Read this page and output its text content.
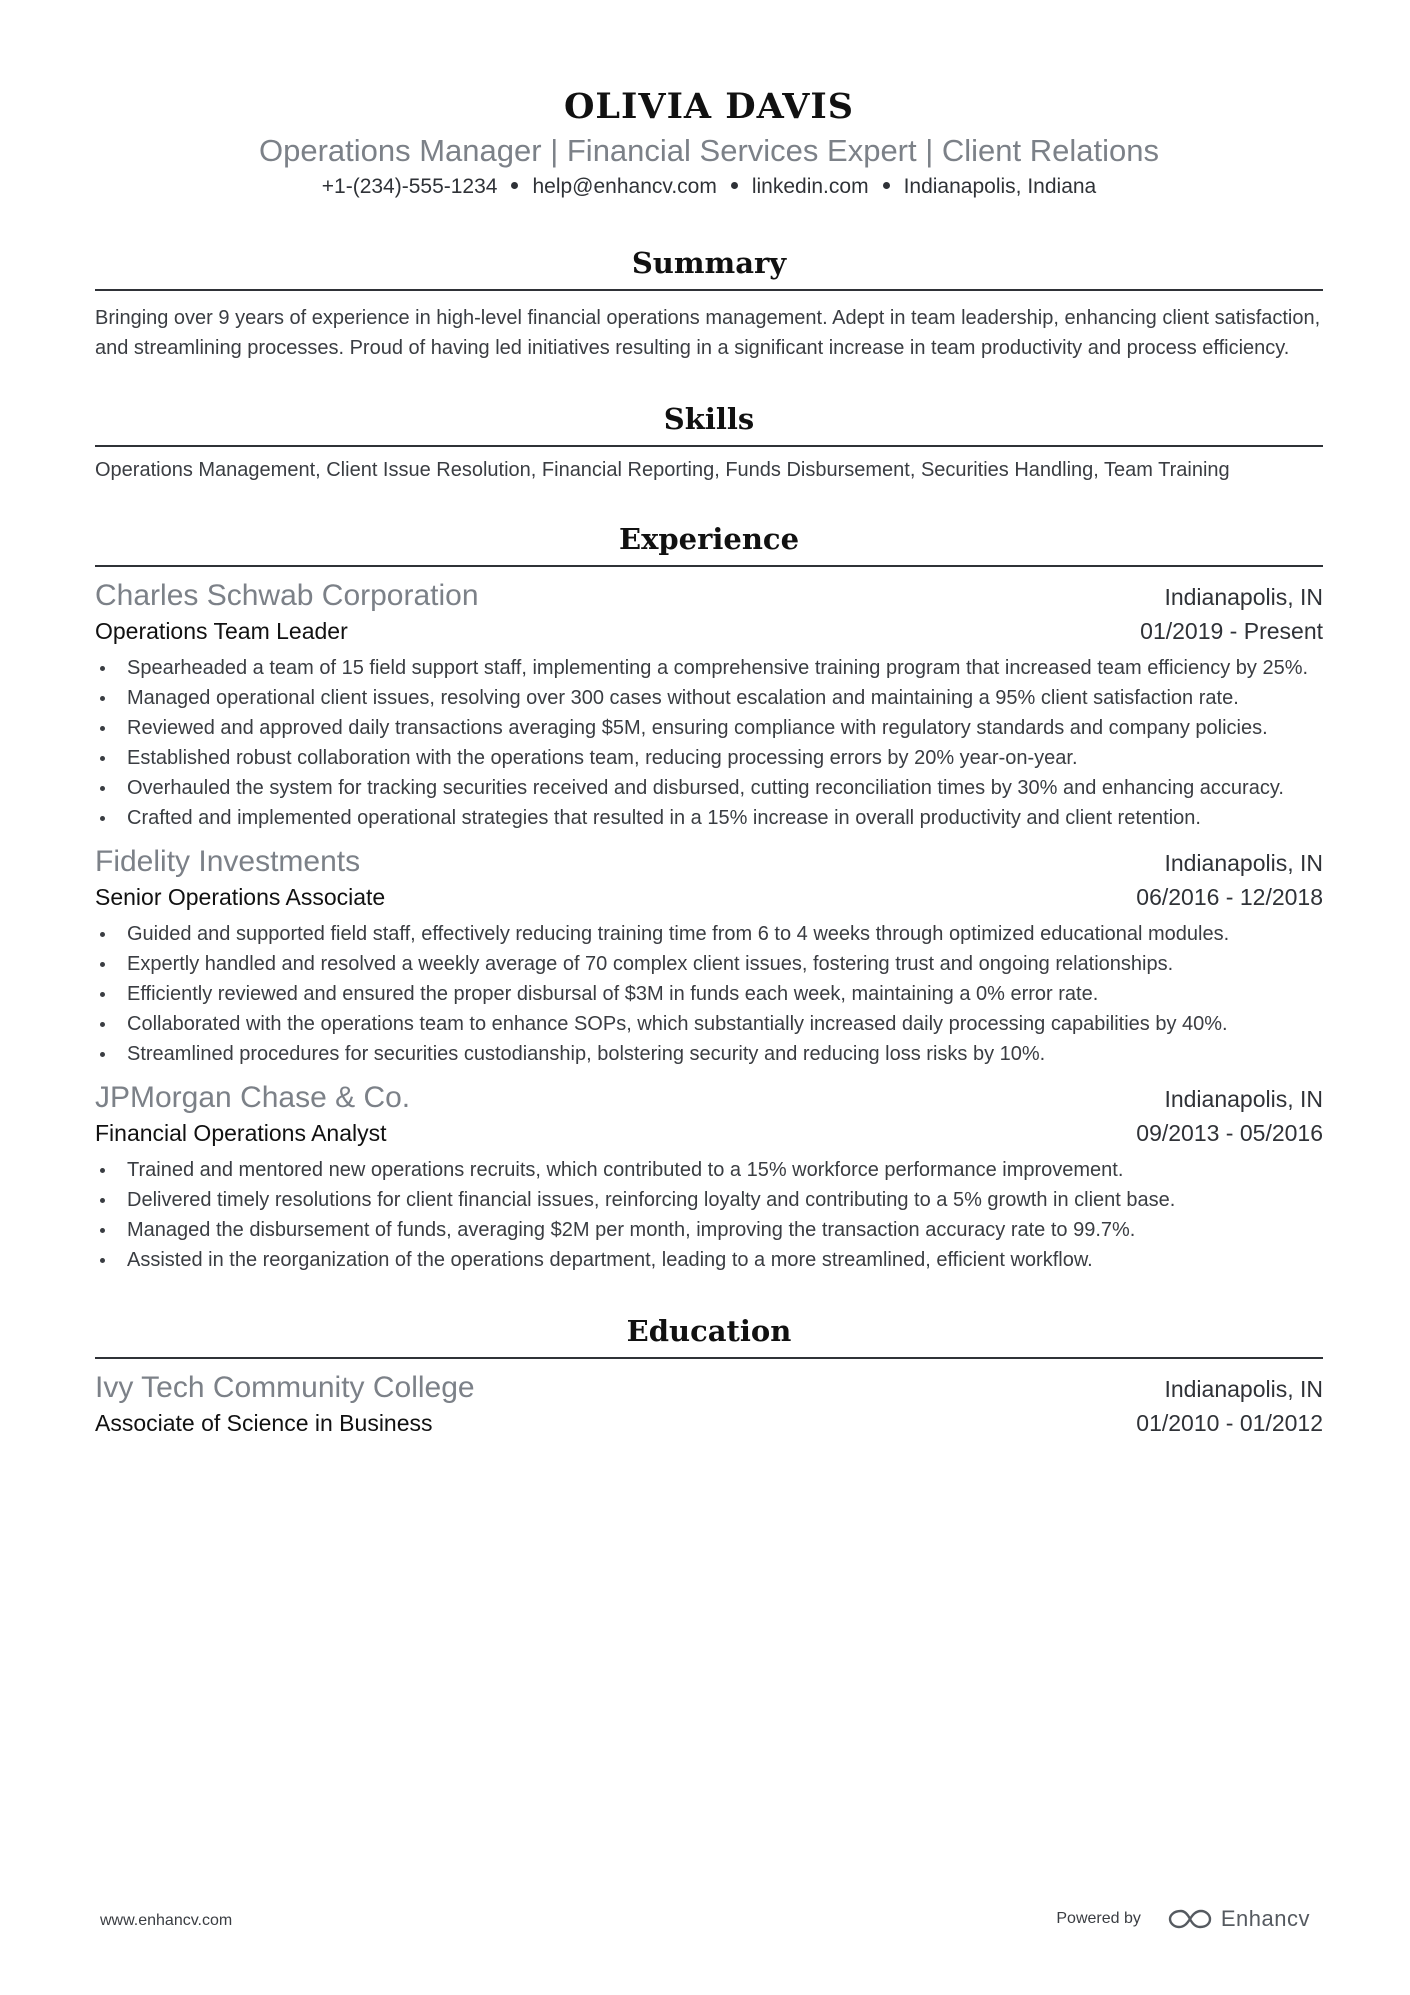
OLIVIA DAVIS
Operations Manager | Financial Services Expert | Client Relations
+1-(234)-555-1234 help@enhancv.com linkedin.com Indianapolis, Indiana
Summary
Bringing over 9 years of experience in high-level financial operations management. Adept in team leadership, enhancing client satisfaction, and streamlining processes. Proud of having led initiatives resulting in a significant increase in team productivity and process efficiency.
Skills
Operations Management, Client Issue Resolution, Financial Reporting, Funds Disbursement, Securities Handling, Team Training
Experience
Charles Schwab Corporation	Indianapolis, IN
Operations Team Leader	01/2019 - Present
Spearheaded a team of 15 field support staff, implementing a comprehensive training program that increased team efficiency by 25%.
Managed operational client issues, resolving over 300 cases without escalation and maintaining a 95% client satisfaction rate.
Reviewed and approved daily transactions averaging $5M, ensuring compliance with regulatory standards and company policies.
Established robust collaboration with the operations team, reducing processing errors by 20% year-on-year.
Overhauled the system for tracking securities received and disbursed, cutting reconciliation times by 30% and enhancing accuracy.
Crafted and implemented operational strategies that resulted in a 15% increase in overall productivity and client retention.
Fidelity Investments	Indianapolis, IN
Senior Operations Associate	06/2016 - 12/2018
Guided and supported field staff, effectively reducing training time from 6 to 4 weeks through optimized educational modules.
Expertly handled and resolved a weekly average of 70 complex client issues, fostering trust and ongoing relationships.
Efficiently reviewed and ensured the proper disbursal of $3M in funds each week, maintaining a 0% error rate.
Collaborated with the operations team to enhance SOPs, which substantially increased daily processing capabilities by 40%.
Streamlined procedures for securities custodianship, bolstering security and reducing loss risks by 10%.
JPMorgan Chase & Co.	Indianapolis, IN
Financial Operations Analyst	09/2013 - 05/2016
Trained and mentored new operations recruits, which contributed to a 15% workforce performance improvement.
Delivered timely resolutions for client financial issues, reinforcing loyalty and contributing to a 5% growth in client base.
Managed the disbursement of funds, averaging $2M per month, improving the transaction accuracy rate to 99.7%.
Assisted in the reorganization of the operations department, leading to a more streamlined, efficient workflow.
Education
Ivy Tech Community College	Indianapolis, IN
Associate of Science in Business	01/2010 - 01/2012
www.enhancv.com	Powered by	Enhancv
